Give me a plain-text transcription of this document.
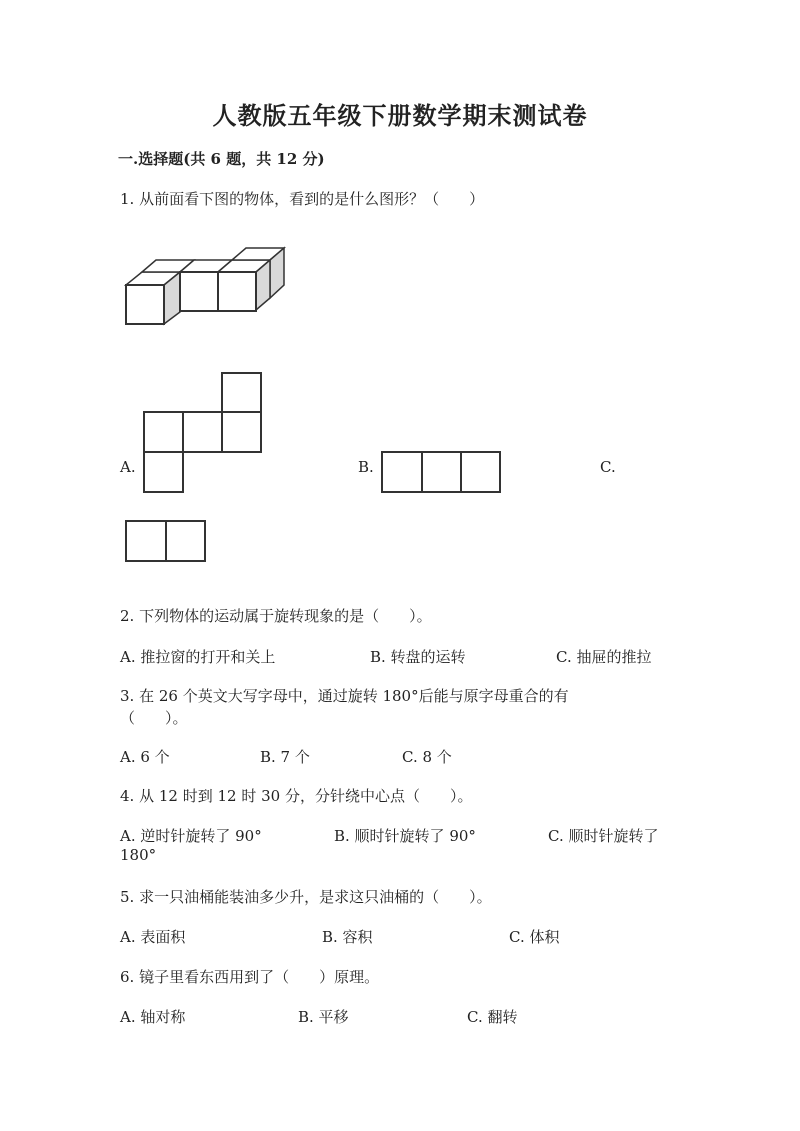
人教版五年级下册数学期末测试卷
一.选择题(共 6 题，共 12 分)
1. 从前面看下图的物体，看到的是什么图形？（　　）
A.	B.	C.
2. 下列物体的运动属于旋转现象的是（　　）。
A. 推拉窗的打开和关上	B. 转盘的运转	C. 抽屉的推拉
3. 在 26 个英文大写字母中，通过旋转 180°后能与原字母重合的有
（　　）。
A. 6 个	B. 7 个	C. 8 个
4. 从 12 时到 12 时 30 分，分针绕中心点（　　）。
A. 逆时针旋转了 90°	B. 顺时针旋转了 90°	C. 顺时针旋转了
180°
5. 求一只油桶能装油多少升，是求这只油桶的（　　）。
A. 表面积	B. 容积	C. 体积
6. 镜子里看东西用到了（　　）原理。
A. 轴对称	B. 平移	C. 翻转
